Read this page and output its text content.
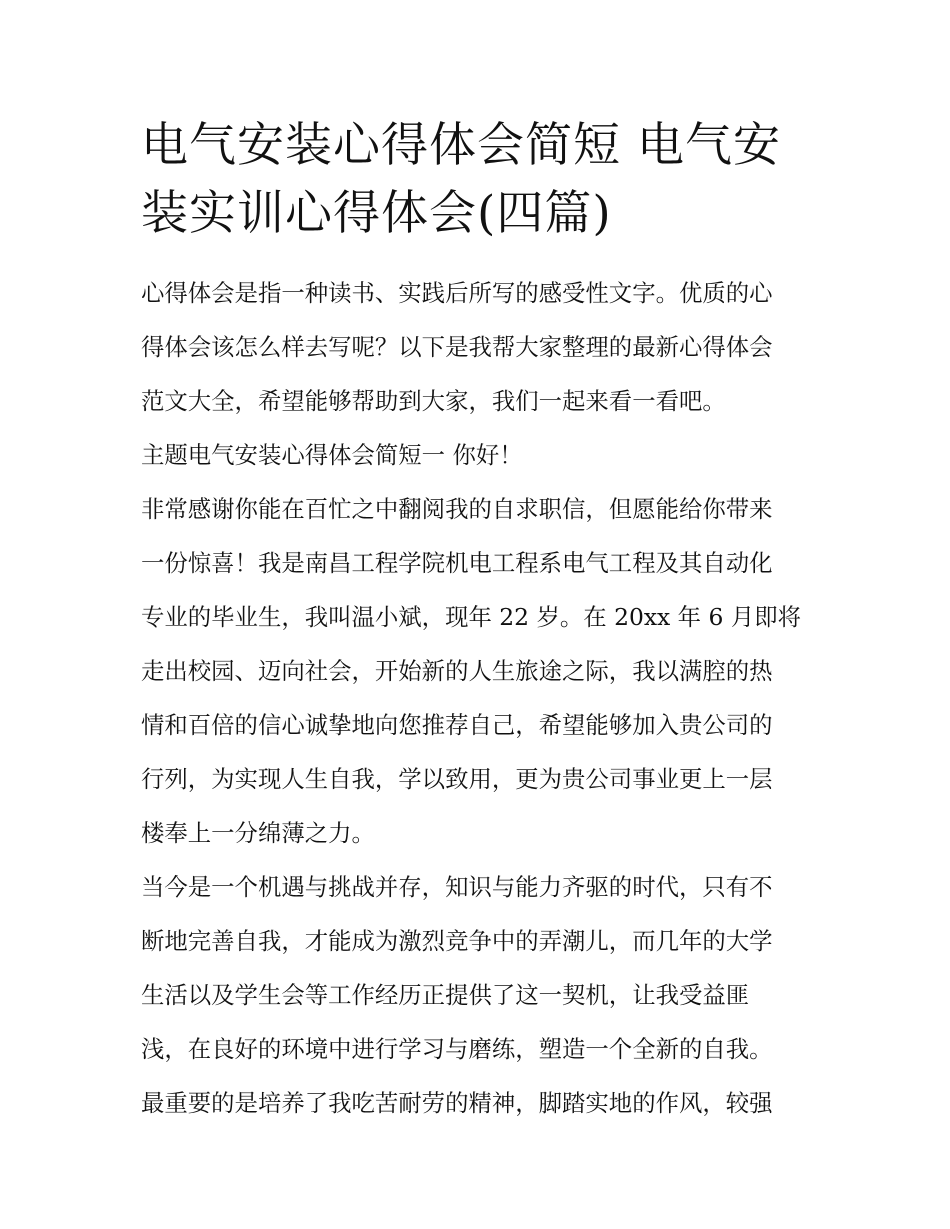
电气安装心得体会简短 电气安
装实训心得体会(四篇)

心得体会是指一种读书、实践后所写的感受性文字。优质的心
得体会该怎么样去写呢？以下是我帮大家整理的最新心得体会
范文大全，希望能够帮助到大家，我们一起来看一看吧。

主题电气安装心得体会简短一 你好！

非常感谢你能在百忙之中翻阅我的自求职信，但愿能给你带来
一份惊喜！我是南昌工程学院机电工程系电气工程及其自动化
专业的毕业生，我叫温小斌，现年 22 岁。在 20xx 年 6 月即将
走出校园、迈向社会，开始新的人生旅途之际，我以满腔的热
情和百倍的信心诚挚地向您推荐自己，希望能够加入贵公司的
行列，为实现人生自我，学以致用，更为贵公司事业更上一层
楼奉上一分绵薄之力。

当今是一个机遇与挑战并存，知识与能力齐驱的时代，只有不
断地完善自我，才能成为激烈竞争中的弄潮儿，而几年的大学
生活以及学生会等工作经历正提供了这一契机，让我受益匪
浅，在良好的环境中进行学习与磨练，塑造一个全新的自我。
最重要的是培养了我吃苦耐劳的精神，脚踏实地的作风，较强
